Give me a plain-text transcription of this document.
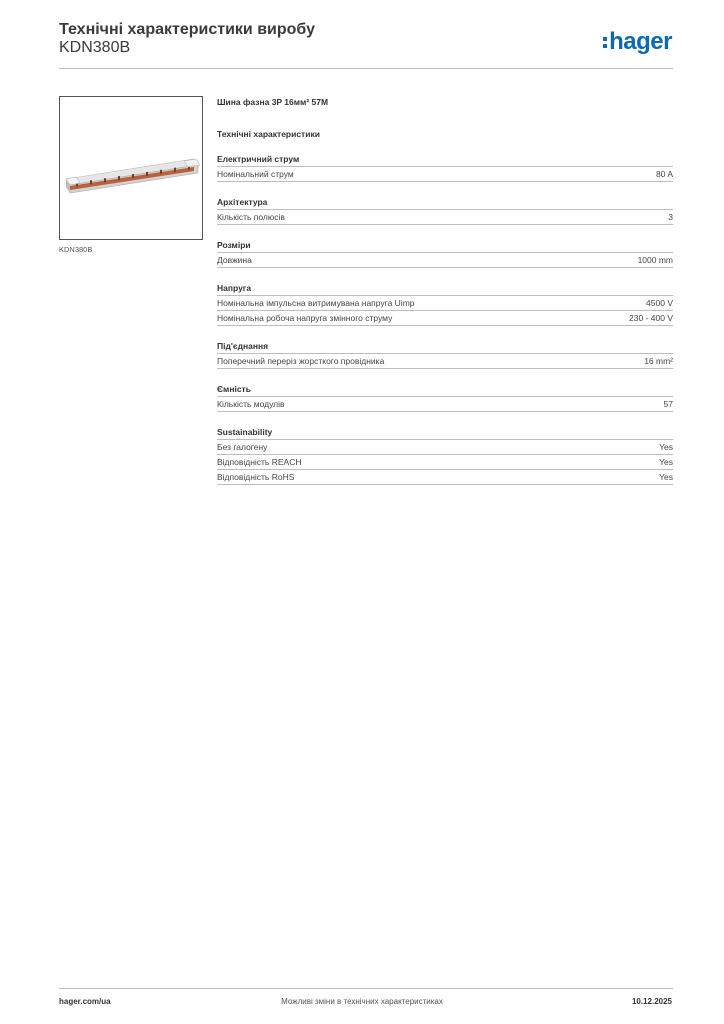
Технічні характеристики виробу
KDN380B	hager
KDN380B
Шина фазна 3P 16мм² 57M
Технічні характеристики
Електричний струм
Номінальний струм	80 A
Архітектура
Кількість полюсів	3
Розміри
Довжина	1000 mm
Напруга
Номінальна імпульсна витримувана напруга Uimp	4500 V
Номінальна робоча напруга змінного струму	230 - 400 V
Під'єднання
Поперечний переріз жорсткого провідника	16 mm²
Ємність
Кількість модулів	57
Sustainability
Без галогену	Yes
Відповідність REACH	Yes
Відповідність RoHS	Yes
hager.com/ua	Можливі зміни в технічних характеристиках	10.12.2025
